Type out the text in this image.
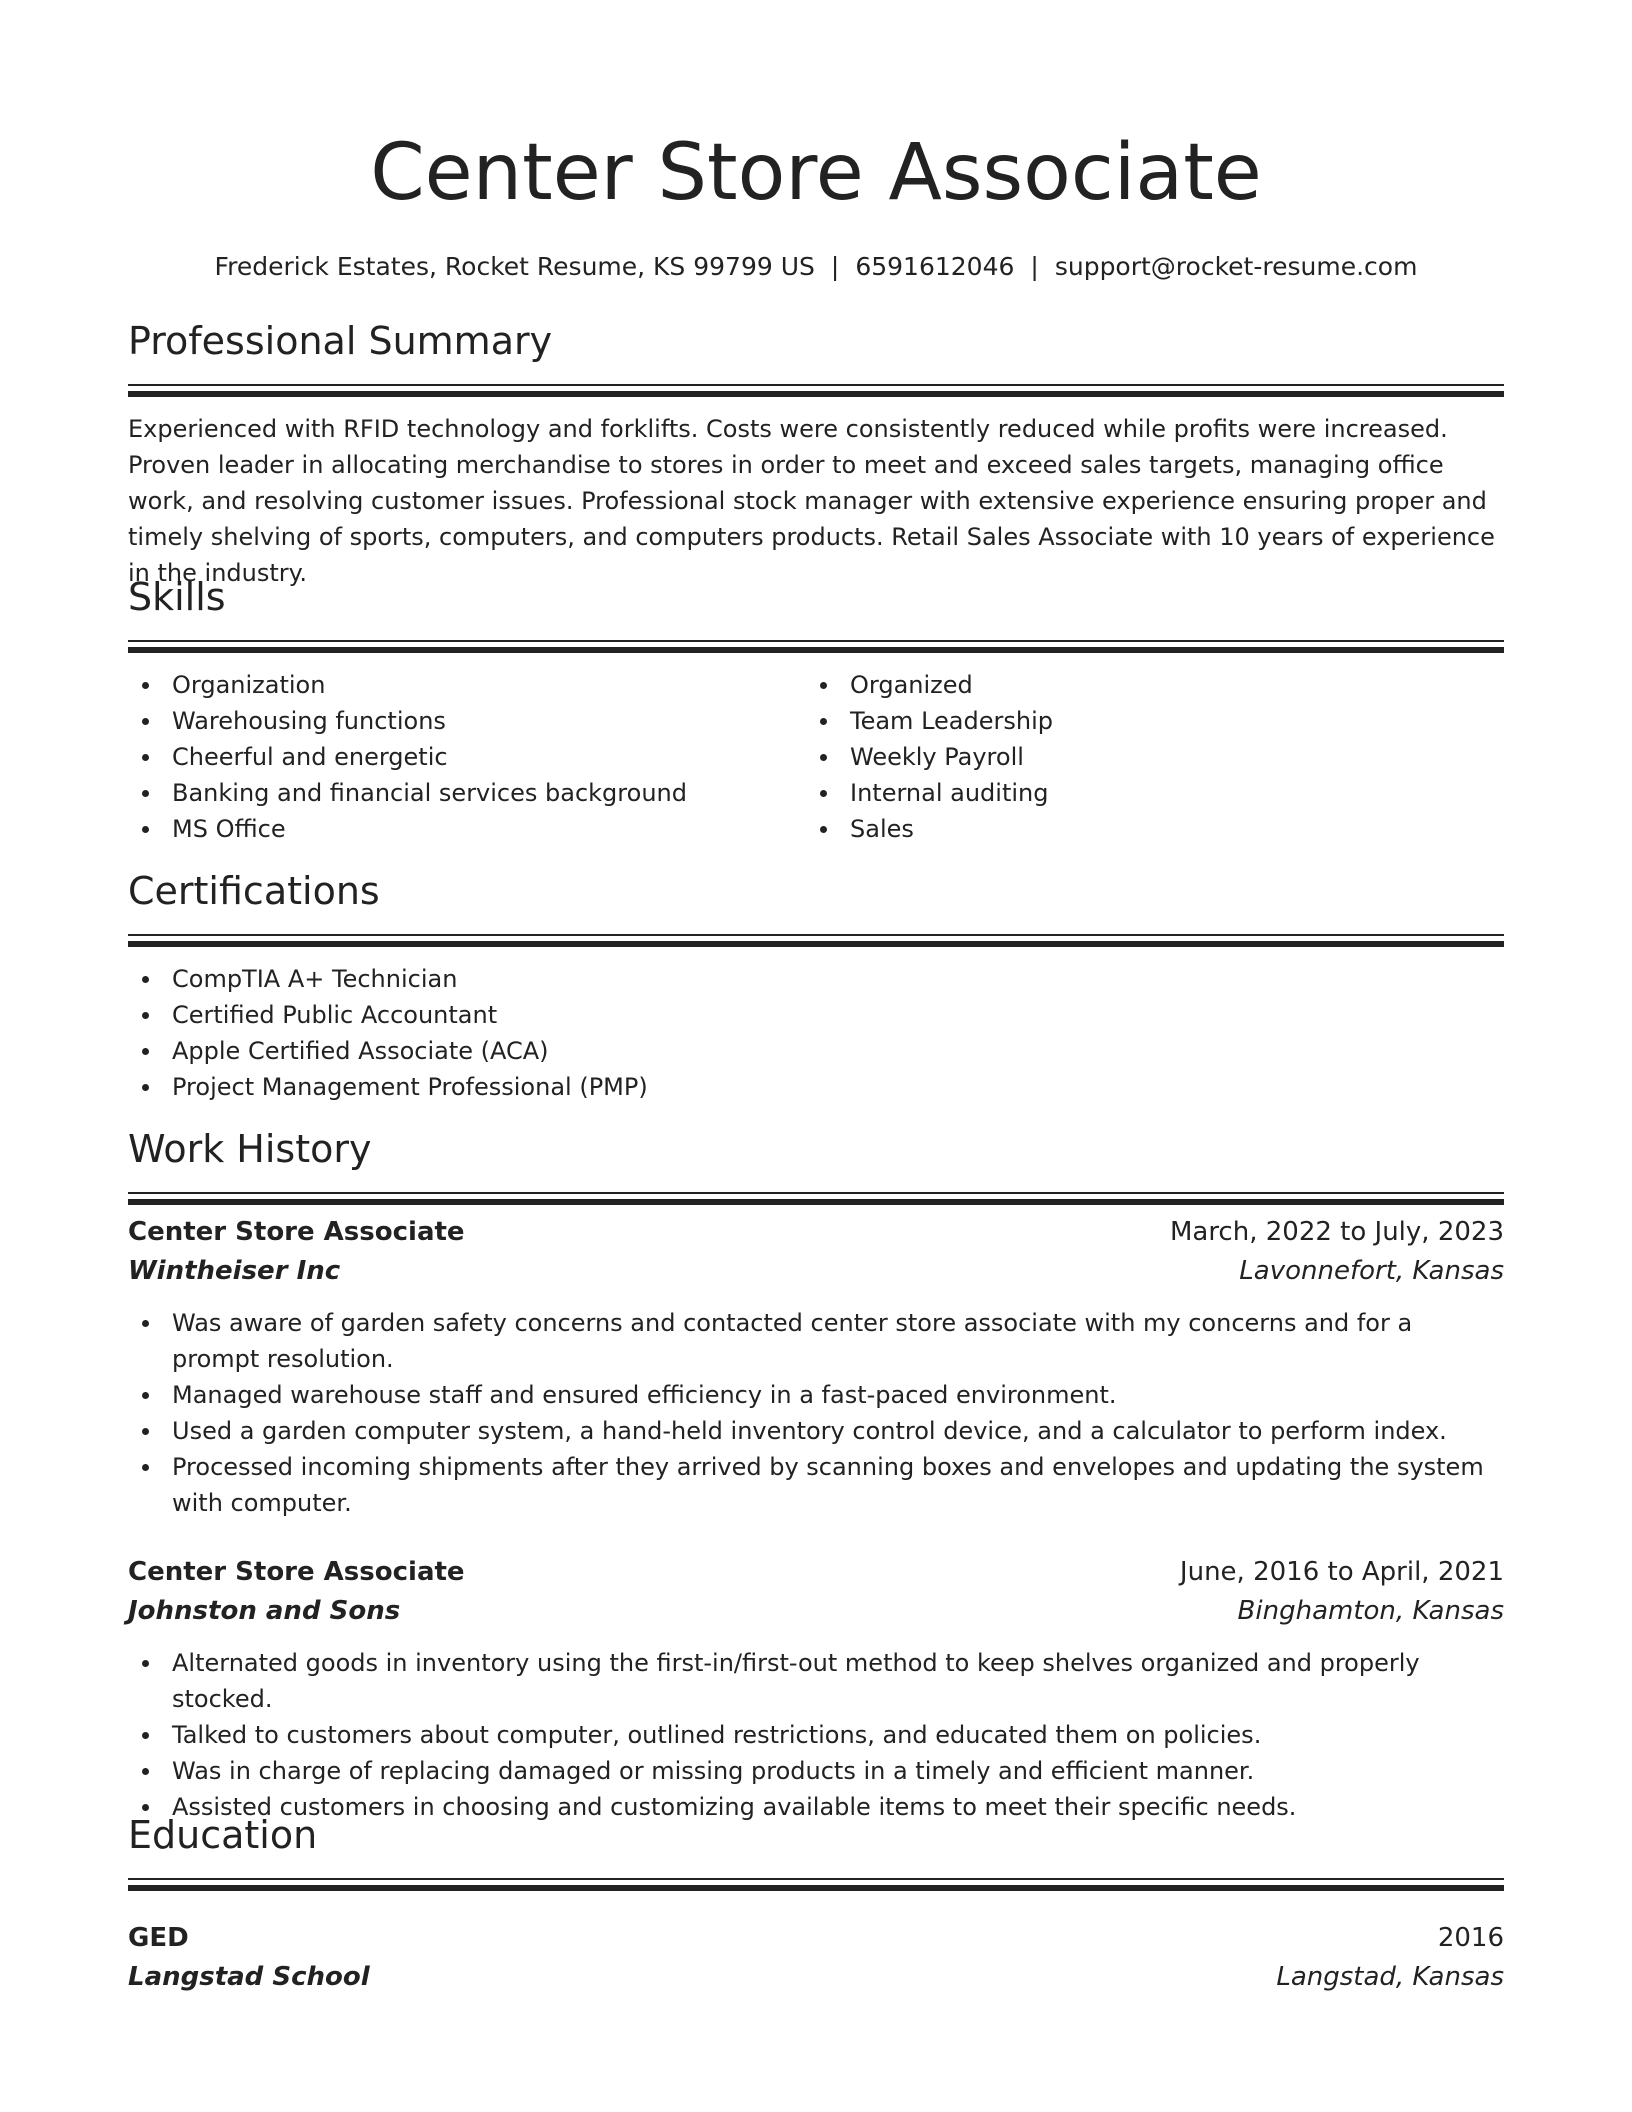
Center Store Associate
Frederick Estates, Rocket Resume, KS 99799 US | 6591612046 | support@rocket-resume.com
Professional Summary
Experienced with RFID technology and forklifts. Costs were consistently reduced while profits were increased. Proven leader in allocating merchandise to stores in order to meet and exceed sales targets, managing office work, and resolving customer issues. Professional stock manager with extensive experience ensuring proper and timely shelving of sports, computers, and computers products. Retail Sales Associate with 10 years of experience in the industry.
Skills
Organization
Warehousing functions
Cheerful and energetic
Banking and financial services background
MS Office
Organized
Team Leadership
Weekly Payroll
Internal auditing
Sales
Certifications
CompTIA A+ Technician
Certified Public Accountant
Apple Certified Associate (ACA)
Project Management Professional (PMP)
Work History
Center Store Associate	March, 2022 to July, 2023
Wintheiser Inc	Lavonnefort, Kansas
Was aware of garden safety concerns and contacted center store associate with my concerns and for a prompt resolution.
Managed warehouse staff and ensured efficiency in a fast-paced environment.
Used a garden computer system, a hand-held inventory control device, and a calculator to perform index.
Processed incoming shipments after they arrived by scanning boxes and envelopes and updating the system with computer.
Center Store Associate	June, 2016 to April, 2021
Johnston and Sons	Binghamton, Kansas
Alternated goods in inventory using the first-in/first-out method to keep shelves organized and properly stocked.
Talked to customers about computer, outlined restrictions, and educated them on policies.
Was in charge of replacing damaged or missing products in a timely and efficient manner.
Assisted customers in choosing and customizing available items to meet their specific needs.
Education
GED	2016
Langstad School	Langstad, Kansas
